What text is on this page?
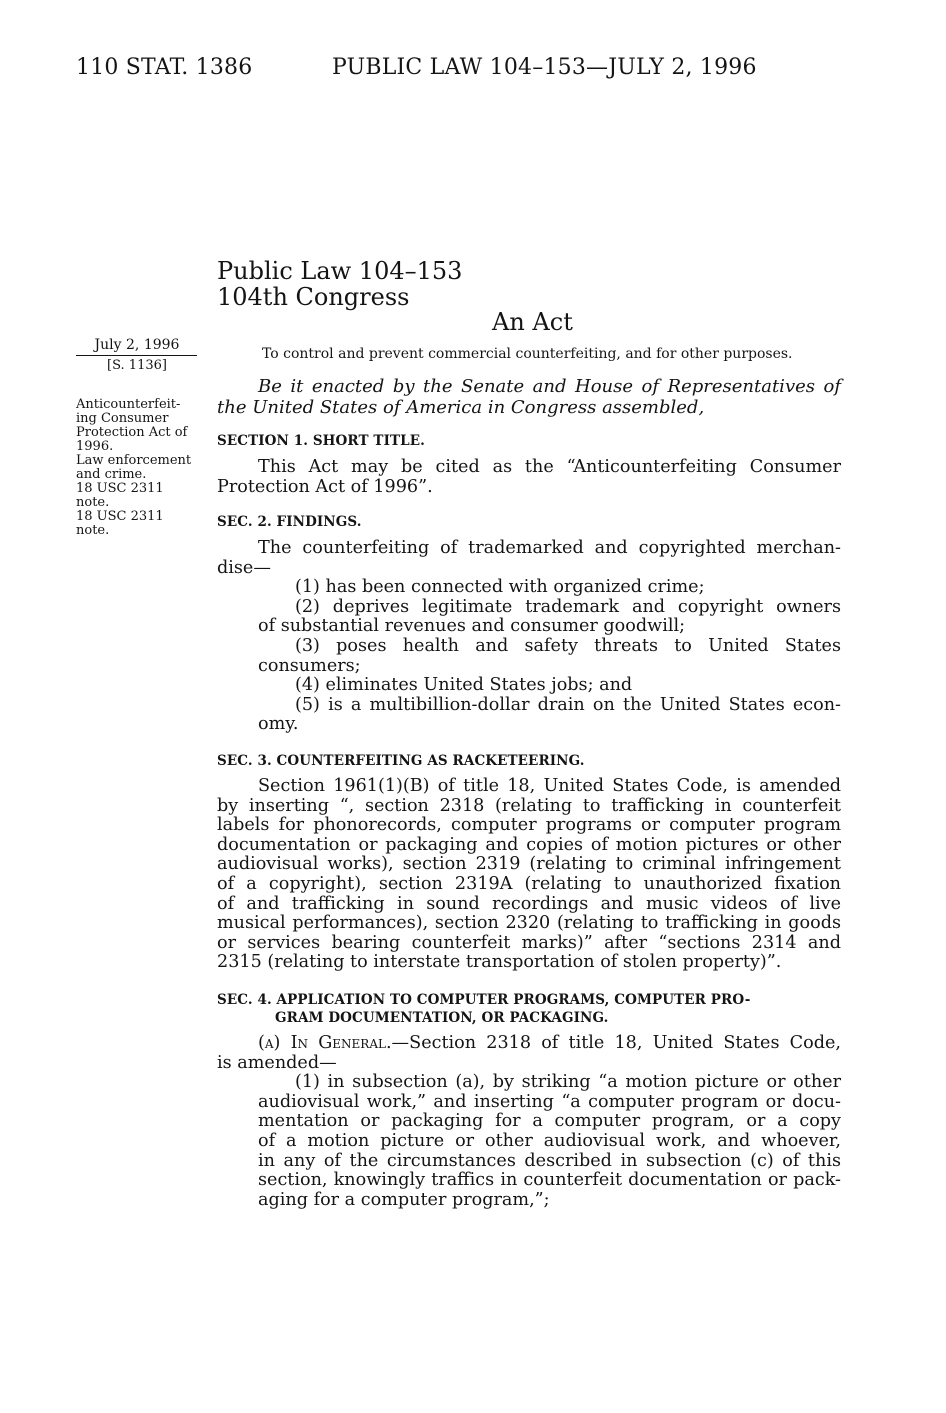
110 STAT. 1386	PUBLIC LAW 104–153—JULY 2, 1996
Public Law 104–153
104th Congress
An Act
July 2, 1996
[S. 1136]
Anticounterfeit-
ing Consumer
Protection Act of
1996.
Law enforcement
and crime.
18 USC 2311
note.
18 USC 2311
note.
To control and prevent commercial counterfeiting, and for other purposes.
Be it enacted by the Senate and House of Representatives of the United States of America in Congress assembled,
SECTION 1. SHORT TITLE.
This Act may be cited as the “Anticounterfeiting Consumer
Protection Act of 1996”.
SEC. 2. FINDINGS.
The counterfeiting of trademarked and copyrighted merchan-
dise—
(1) has been connected with organized crime;
(2) deprives legitimate trademark and copyright owners
of substantial revenues and consumer goodwill;
(3) poses health and safety threats to United States
consumers;
(4) eliminates United States jobs; and
(5) is a multibillion-dollar drain on the United States econ-
omy.
SEC. 3. COUNTERFEITING AS RACKETEERING.
Section 1961(1)(B) of title 18, United States Code, is amended
by inserting “, section 2318 (relating to trafficking in counterfeit
labels for phonorecords, computer programs or computer program
documentation or packaging and copies of motion pictures or other
audiovisual works), section 2319 (relating to criminal infringement
of a copyright), section 2319A (relating to unauthorized fixation
of and trafficking in sound recordings and music videos of live
musical performances), section 2320 (relating to trafficking in goods
or services bearing counterfeit marks)” after “sections 2314 and
2315 (relating to interstate transportation of stolen property)”.
SEC. 4. APPLICATION TO COMPUTER PROGRAMS, COMPUTER PRO-
GRAM DOCUMENTATION, OR PACKAGING.
(a) In General.—Section 2318 of title 18, United States Code,
is amended—
(1) in subsection (a), by striking “a motion picture or other
audiovisual work,” and inserting “a computer program or docu-
mentation or packaging for a computer program, or a copy
of a motion picture or other audiovisual work, and whoever,
in any of the circumstances described in subsection (c) of this
section, knowingly traffics in counterfeit documentation or pack-
aging for a computer program,”;
